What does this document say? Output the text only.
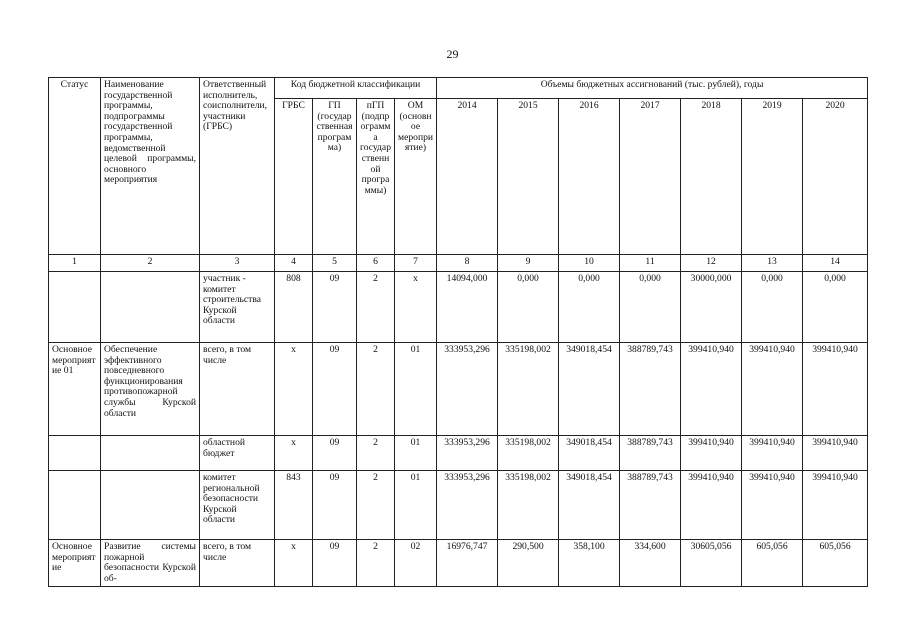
29
Статус	Наименование государственной программы, подпрограммы государственной программы, ведомственной целевой программы, основного мероприятия	Ответственный исполнитель, соисполнители, участники (ГРБС)	Код бюджетной классификации				Объемы бюджетных ассигнований (тыс. рублей), годы						
			ГРБС	ГП (государственная программа)	пГП (подпрограмма государственной программы)	ОМ (основное мероприятие)	2014	2015	2016	2017	2018	2019	2020
1	2	3	4	5	6	7	8	9	10	11	12	13	14
		участник - комитет строительства Курской области	808	09	2	х	14094,000	0,000	0,000	0,000	30000,000	0,000	0,000
Основное мероприятие 01	Обеспечение эффективного повседневного функционирования противопожарной службы Курской области	всего, в том числе	х	09	2	01	333953,296	335198,002	349018,454	388789,743	399410,940	399410,940	399410,940
		областной бюджет	х	09	2	01	333953,296	335198,002	349018,454	388789,743	399410,940	399410,940	399410,940
		комитет региональной безопасности Курской области	843	09	2	01	333953,296	335198,002	349018,454	388789,743	399410,940	399410,940	399410,940
Основное мероприятие	Развитие системы пожарной безопасности Курской об-	всего, в том числе	х	09	2	02	16976,747	290,500	358,100	334,600	30605,056	605,056	605,056
